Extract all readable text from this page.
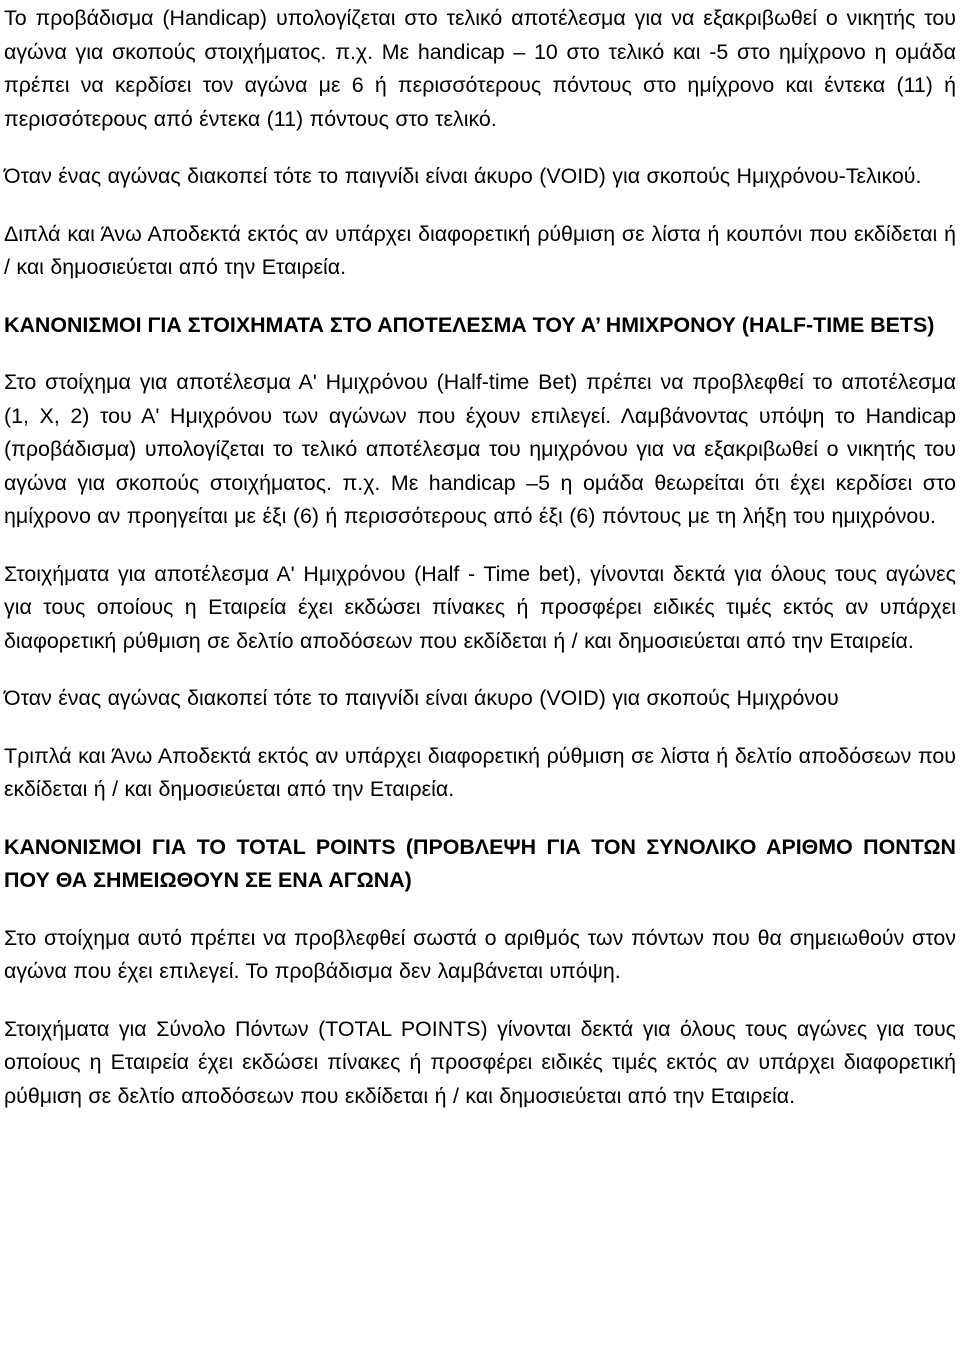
Το προβάδισμα (Handicap) υπολογίζεται στο τελικό αποτέλεσμα για να εξακριβωθεί ο νικητής του αγώνα για σκοπούς στοιχήματος. π.χ. Με handicap – 10 στο τελικό και -5 στο ημίχρονο η ομάδα πρέπει να κερδίσει τον αγώνα με 6 ή περισσότερους πόντους στο ημίχρονο και έντεκα (11) ή περισσότερους από έντεκα (11) πόντους στο τελικό.

Όταν ένας αγώνας διακοπεί τότε το παιγνίδι είναι άκυρο (VOID) για σκοπούς Ημιχρόνου-Τελικού.

Διπλά και Άνω Αποδεκτά εκτός αν υπάρχει διαφορετική ρύθμιση σε λίστα ή κουπόνι που εκδίδεται ή / και δημοσιεύεται από την Εταιρεία.

ΚΑΝΟΝΙΣΜΟΙ ΓΙΑ ΣΤΟΙΧΗΜΑΤΑ ΣΤΟ ΑΠΟΤΕΛΕΣΜΑ ΤΟΥ Α’ ΗΜΙΧΡΟΝΟΥ (HALF-TIME BETS)

Στο στοίχημα για αποτέλεσμα Α' Ημιχρόνου (Half-time Bet) πρέπει να προβλεφθεί το αποτέλεσμα (1, Χ, 2) του Α' Ημιχρόνου των αγώνων που έχουν επιλεγεί. Λαμβάνοντας υπόψη το Handicap (προβάδισμα) υπολογίζεται το τελικό αποτέλεσμα του ημιχρόνου για να εξακριβωθεί ο νικητής του αγώνα για σκοπούς στοιχήματος. π.χ. Με handicap –5 η ομάδα θεωρείται ότι έχει κερδίσει στο ημίχρονο αν προηγείται με έξι (6) ή περισσότερους από έξι (6) πόντους με τη λήξη του ημιχρόνου.

Στοιχήματα για αποτέλεσμα Α' Ημιχρόνου (Half - Time bet), γίνονται δεκτά για όλους τους αγώνες για τους οποίους η Εταιρεία έχει εκδώσει πίνακες ή προσφέρει ειδικές τιμές εκτός αν υπάρχει διαφορετική ρύθμιση σε δελτίο αποδόσεων που εκδίδεται ή / και δημοσιεύεται από την Εταιρεία.

Όταν ένας αγώνας διακοπεί τότε το παιγνίδι είναι άκυρο (VOID) για σκοπούς Ημιχρόνου

Τριπλά και Άνω Αποδεκτά εκτός αν υπάρχει διαφορετική ρύθμιση σε λίστα ή δελτίο αποδόσεων που εκδίδεται ή / και δημοσιεύεται από την Εταιρεία.

ΚΑΝΟΝΙΣΜΟΙ ΓΙΑ ΤΟ TOTAL POINTS (ΠΡΟΒΛΕΨΗ ΓΙΑ ΤΟΝ ΣΥΝΟΛΙΚΟ ΑΡΙΘΜΟ ΠΟΝΤΩΝ ΠΟΥ ΘΑ ΣΗΜΕΙΩΘΟΥΝ ΣΕ ΕΝΑ ΑΓΩΝΑ)

Στο στοίχημα αυτό πρέπει να προβλεφθεί σωστά ο αριθμός των πόντων που θα σημειωθούν στον αγώνα που έχει επιλεγεί. Το προβάδισμα δεν λαμβάνεται υπόψη.

Στοιχήματα για Σύνολο Πόντων (TOTAL POINTS) γίνονται δεκτά για όλους τους αγώνες για τους οποίους η Εταιρεία έχει εκδώσει πίνακες ή προσφέρει ειδικές τιμές εκτός αν υπάρχει διαφορετική ρύθμιση σε δελτίο αποδόσεων που εκδίδεται ή / και δημοσιεύεται από την Εταιρεία.
